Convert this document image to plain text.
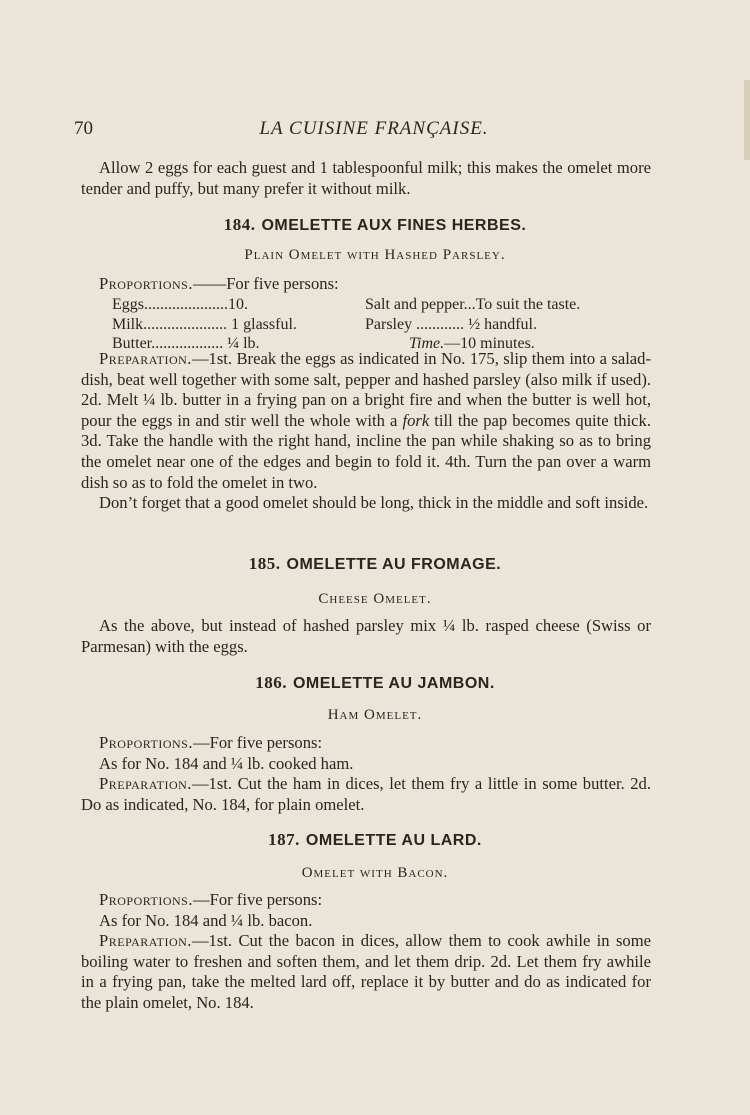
70	LA CUISINE FRANÇAISE.

Allow 2 eggs for each guest and 1 tablespoonful milk; this makes the omelet more tender and puffy, but many prefer it without milk.

184. OMELETTE AUX FINES HERBES.
Plain Omelet with Hashed Parsley.

Proportions.——For five persons:

Eggs.....................10.	Salt and pepper...To suit the taste.
Milk..................... 1 glassful.	Parsley ............ ½ handful.
Butter.................. ¼ lb.	Time.—10 minutes.

Preparation.—1st. Break the eggs as indicated in No. 175, slip them into a salad-dish, beat well together with some salt, pepper and hashed parsley (also milk if used). 2d. Melt ¼ lb. butter in a frying pan on a bright fire and when the butter is well hot, pour the eggs in and stir well the whole with a fork till the pap becomes quite thick. 3d. Take the handle with the right hand, incline the pan while shaking so as to bring the omelet near one of the edges and begin to fold it. 4th. Turn the pan over a warm dish so as to fold the omelet in two.

Don’t forget that a good omelet should be long, thick in the middle and soft inside.

185. OMELETTE AU FROMAGE.
Cheese Omelet.

As the above, but instead of hashed parsley mix ¼ lb. rasped cheese (Swiss or Parmesan) with the eggs.

186. OMELETTE AU JAMBON.
Ham Omelet.

Proportions.—For five persons:

As for No. 184 and ¼ lb. cooked ham.

Preparation.—1st. Cut the ham in dices, let them fry a little in some butter. 2d. Do as indicated, No. 184, for plain omelet.

187. OMELETTE AU LARD.
Omelet with Bacon.

Proportions.—For five persons:

As for No. 184 and ¼ lb. bacon.

Preparation.—1st. Cut the bacon in dices, allow them to cook awhile in some boiling water to freshen and soften them, and let them drip. 2d. Let them fry awhile in a frying pan, take the melted lard off, replace it by butter and do as indicated for the plain omelet, No. 184.
